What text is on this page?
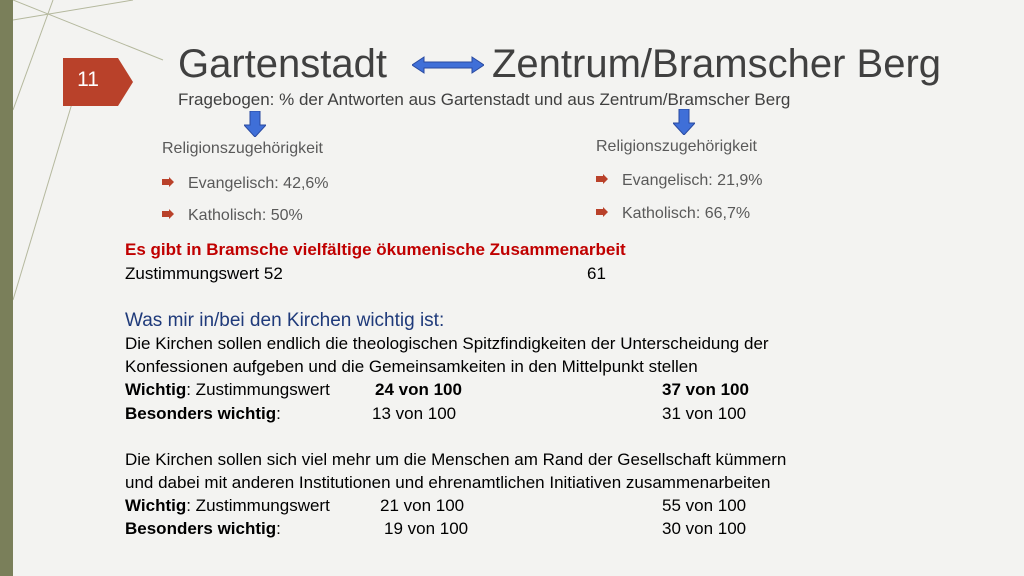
11 Gartenstadt	Zentrum/Bramscher Berg
Fragebogen: % der Antworten aus Gartenstadt und aus Zentrum/Bramscher Berg
Religionszugehörigkeit
Evangelisch: 42,6%
Katholisch: 50%
Religionszugehörigkeit
Evangelisch: 21,9%
Katholisch: 66,7%
Es gibt in Bramsche vielfältige ökumenische Zusammenarbeit
Zustimmungswert 52	61
Was mir in/bei den Kirchen wichtig ist:
Die Kirchen sollen endlich die theologischen Spitzfindigkeiten der Unterscheidung der
Konfessionen aufgeben und die Gemeinsamkeiten in den Mittelpunkt stellen
Wichtig: Zustimmungswert	24 von 100	37 von 100
Besonders wichtig:	13 von 100	31 von 100
Die Kirchen sollen sich viel mehr um die Menschen am Rand der Gesellschaft kümmern
und dabei mit anderen Institutionen und ehrenamtlichen Initiativen zusammenarbeiten
Wichtig: Zustimmungswert	21 von 100	55 von 100
Besonders wichtig:	19 von 100	30 von 100
